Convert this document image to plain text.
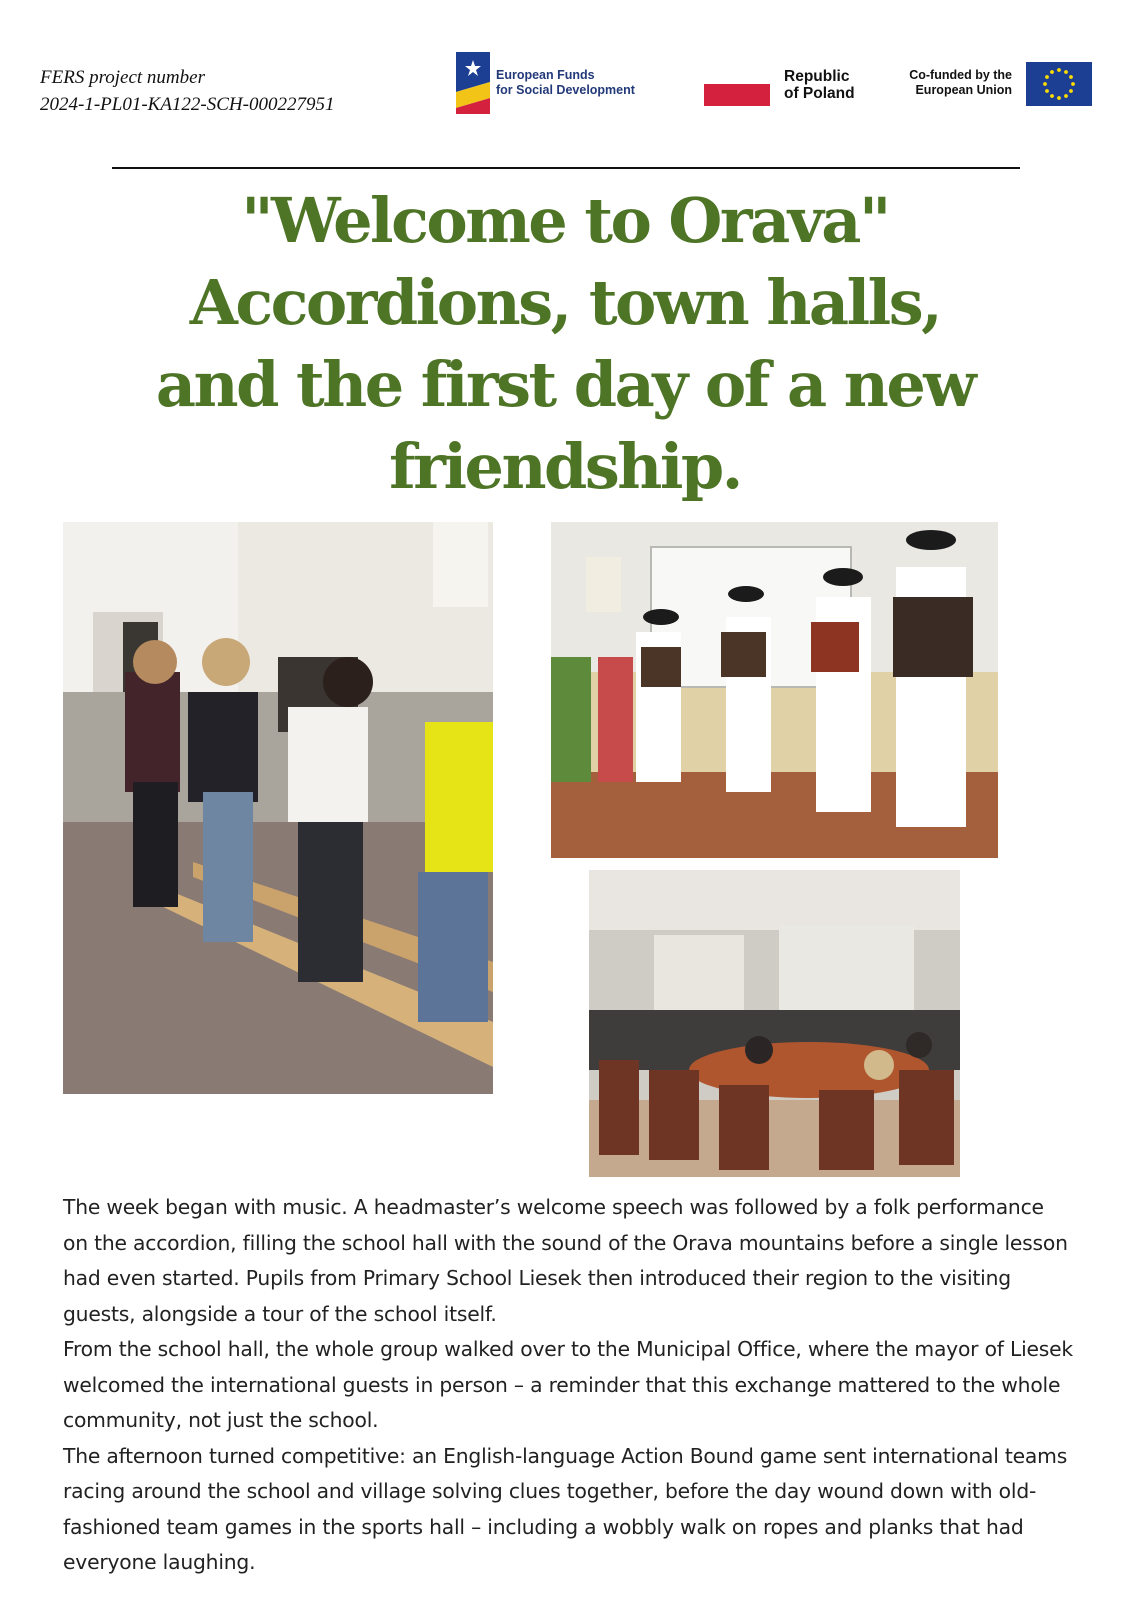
FERS project number
2024-1-PL01-KA122-SCH-000227951
European Funds
for Social Development
Republic
of Poland
Co-funded by the
European Union
"Welcome to Orava"
Accordions, town halls,
and the first day of a new
friendship.

The week began with music. A headmaster’s welcome speech was followed by a folk performance on the accordion, filling the school hall with the sound of the Orava mountains before a single lesson had even started. Pupils from Primary School Liesek then introduced their region to the visiting guests, alongside a tour of the school itself.

From the school hall, the whole group walked over to the Municipal Office, where the mayor of Liesek welcomed the international guests in person – a reminder that this exchange mattered to the whole community, not just the school.

The afternoon turned competitive: an English-language Action Bound game sent international teams racing around the school and village solving clues together, before the day wound down with old-fashioned team games in the sports hall – including a wobbly walk on ropes and planks that had everyone laughing.
